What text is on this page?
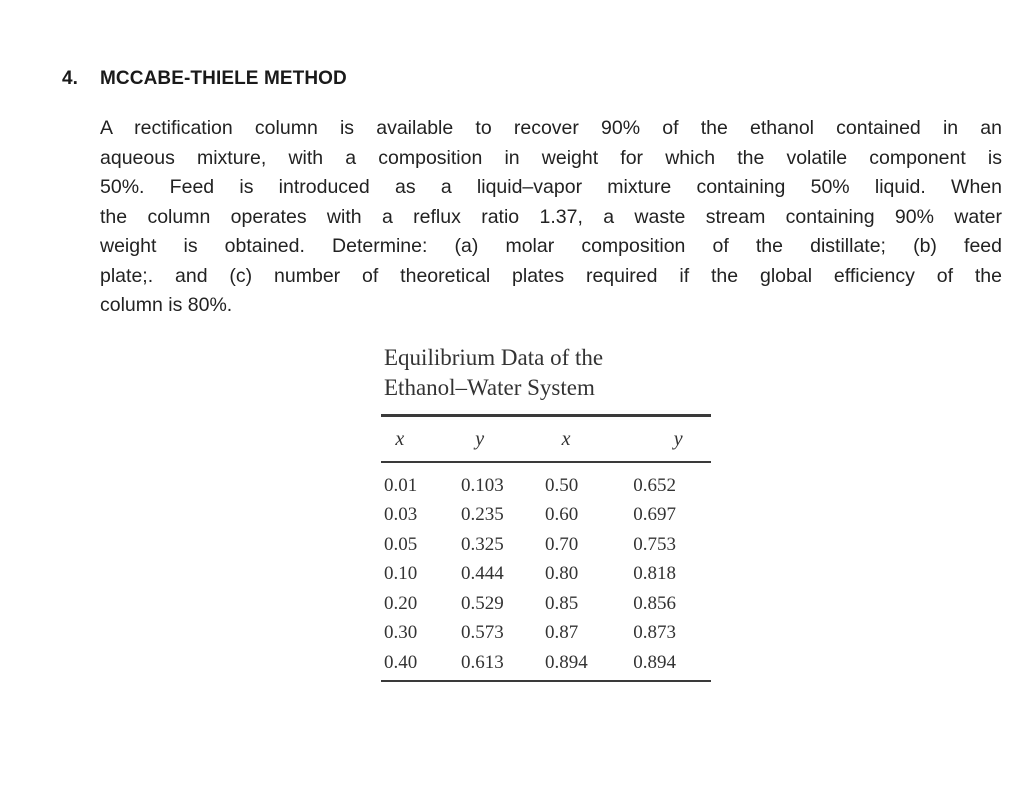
4. MCCABE-THIELE METHOD
A rectification column is available to recover 90% of the ethanol contained in an
aqueous mixture, with a composition in weight for which the volatile component is
50%. Feed is introduced as a liquid–vapor mixture containing 50% liquid. When
the column operates with a reflux ratio 1.37, a waste stream containing 90% water
weight is obtained. Determine: (a) molar composition of the distillate; (b) feed
plate;. and (c) number of theoretical plates required if the global efficiency of the
column is 80%.
Equilibrium Data of the
Ethanol–Water System
x	y	x	y

0.01	0.103	0.50	0.652
0.03	0.235	0.60	0.697
0.05	0.325	0.70	0.753
0.10	0.444	0.80	0.818
0.20	0.529	0.85	0.856
0.30	0.573	0.87	0.873
0.40	0.613	0.894	0.894
